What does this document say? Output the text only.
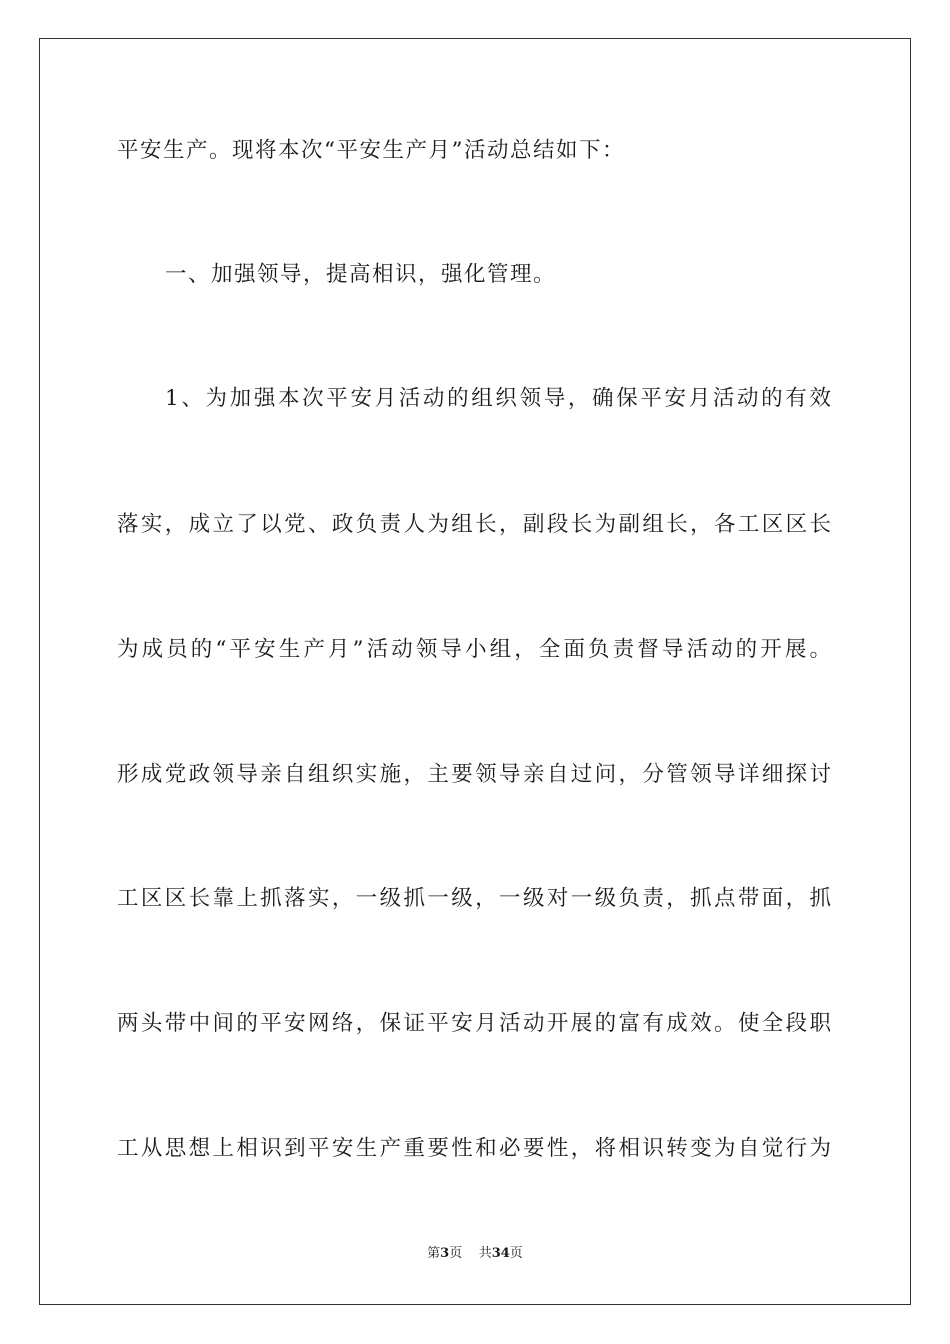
平安生产。现将本次“平安生产月”活动总结如下：
一、加强领导，提高相识，强化管理。
1、为加强本次平安月活动的组织领导，确保平安月活动的有效
落实，成立了以党、政负责人为组长，副段长为副组长，各工区区长
为成员的“平安生产月”活动领导小组，全面负责督导活动的开展。
形成党政领导亲自组织实施，主要领导亲自过问，分管领导详细探讨
工区区长靠上抓落实，一级抓一级，一级对一级负责，抓点带面，抓
两头带中间的平安网络，保证平安月活动开展的富有成效。使全段职
工从思想上相识到平安生产重要性和必要性，将相识转变为自觉行为
第3页 共34页
